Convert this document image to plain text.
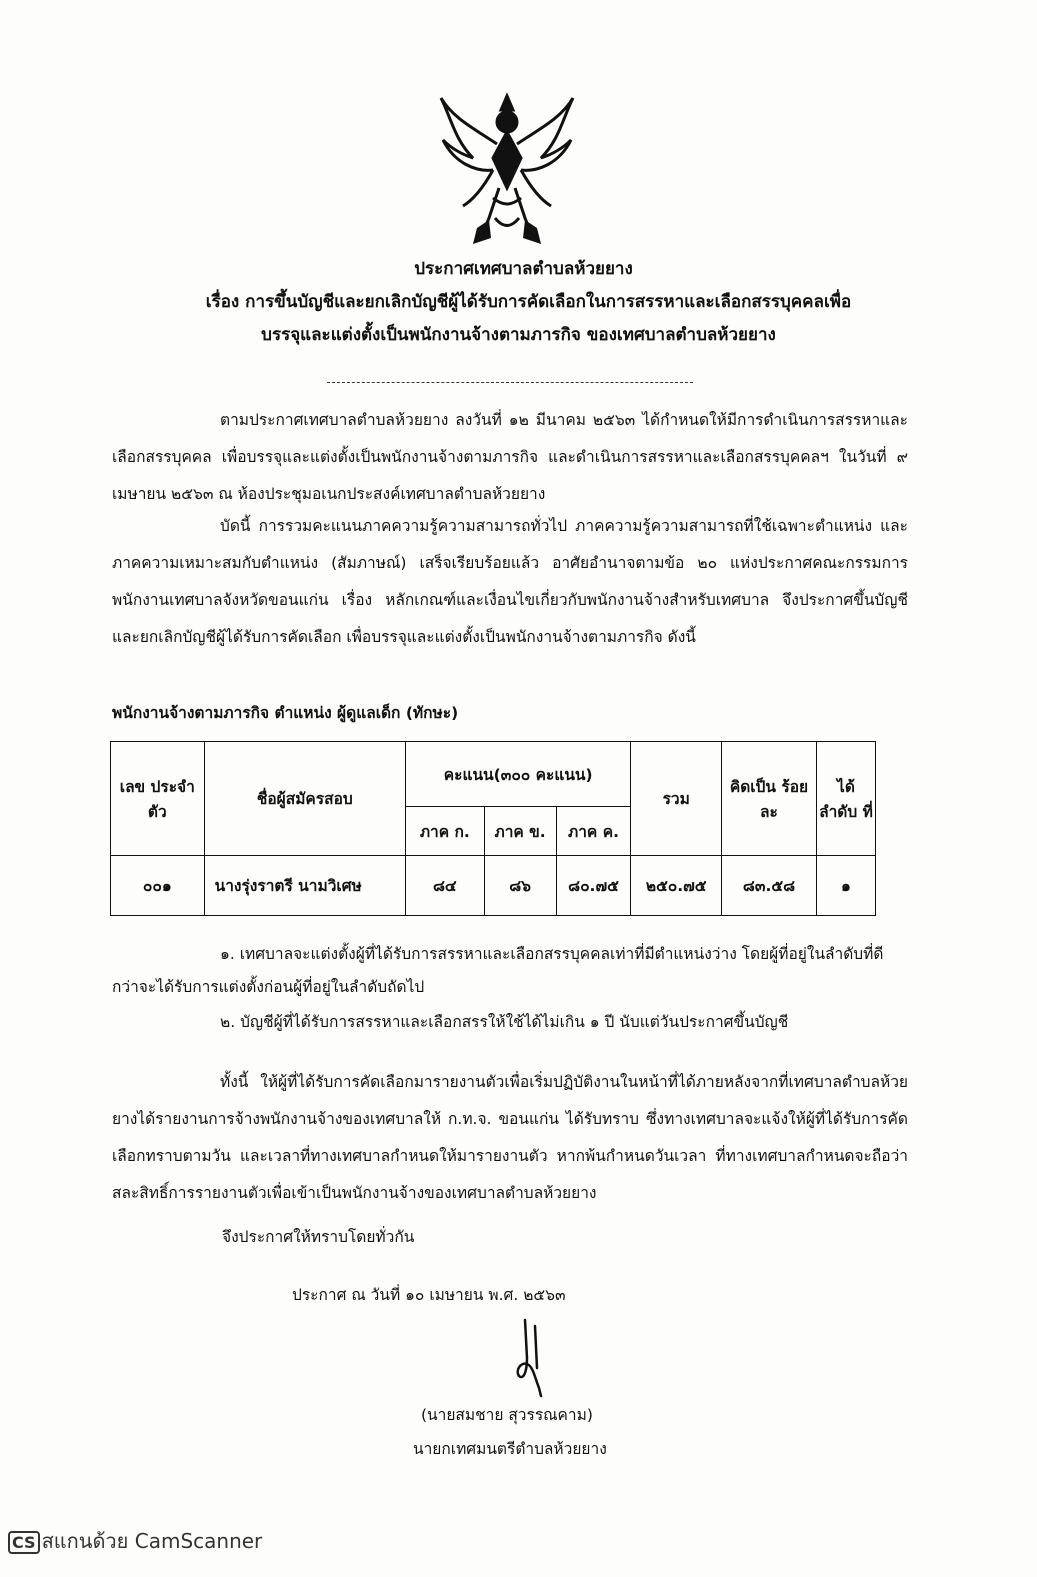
ประกาศเทศบาลตำบลห้วยยาง
เรื่อง การขึ้นบัญชีและยกเลิกบัญชีผู้ได้รับการคัดเลือกในการสรรหาและเลือกสรรบุคคลเพื่อ
บรรจุและแต่งตั้งเป็นพนักงานจ้างตามภารกิจ ของเทศบาลตำบลห้วยยาง
ตามประกาศเทศบาลตำบลห้วยยาง ลงวันที่ ๑๒ มีนาคม ๒๕๖๓ ได้กำหนดให้มีการดำเนินการสรรหาและเลือกสรรบุคคล เพื่อบรรจุและแต่งตั้งเป็นพนักงานจ้างตามภารกิจ และดำเนินการสรรหาและเลือกสรรบุคคลฯ ในวันที่ ๙ เมษายน ๒๕๖๓ ณ ห้องประชุมอเนกประสงค์เทศบาลตำบลห้วยยาง
บัดนี้ การรวมคะแนนภาคความรู้ความสามารถทั่วไป ภาคความรู้ความสามารถที่ใช้เฉพาะตำแหน่ง และภาคความเหมาะสมกับตำแหน่ง (สัมภาษณ์) เสร็จเรียบร้อยแล้ว อาศัยอำนาจตามข้อ ๒๐ แห่งประกาศคณะกรรมการพนักงานเทศบาลจังหวัดขอนแก่น เรื่อง หลักเกณฑ์และเงื่อนไขเกี่ยวกับพนักงานจ้างสำหรับเทศบาล จึงประกาศขึ้นบัญชีและยกเลิกบัญชีผู้ได้รับการคัดเลือก เพื่อบรรจุและแต่งตั้งเป็นพนักงานจ้างตามภารกิจ ดังนี้
พนักงานจ้างตามภารกิจ ตำแหน่ง ผู้ดูแลเด็ก (ทักษะ)
เลข ประจำตัว	ชื่อผู้สมัครสอบ	คะแนน(๓๐๐ คะแนน)			รวม	คิดเป็น ร้อยละ	ได้ ลำดับ ที่
		ภาค ก.	ภาค ข.	ภาค ค.			
๐๐๑	นางรุ่งราตรี นามวิเศษ	๘๔	๘๖	๘๐.๗๕	๒๕๐.๗๕	๘๓.๕๘	๑
๑. เทศบาลจะแต่งตั้งผู้ที่ได้รับการสรรหาและเลือกสรรบุคคลเท่าที่มีตำแหน่งว่าง โดยผู้ที่อยู่ในลำดับที่ดีกว่าจะได้รับการแต่งตั้งก่อนผู้ที่อยู่ในลำดับถัดไป
๒. บัญชีผู้ที่ได้รับการสรรหาและเลือกสรรให้ใช้ได้ไม่เกิน ๑ ปี นับแต่วันประกาศขึ้นบัญชี
ทั้งนี้ ให้ผู้ที่ได้รับการคัดเลือกมารายงานตัวเพื่อเริ่มปฏิบัติงานในหน้าที่ได้ภายหลังจากที่เทศบาลตำบลห้วยยางได้รายงานการจ้างพนักงานจ้างของเทศบาลให้ ก.ท.จ. ขอนแก่น ได้รับทราบ ซึ่งทางเทศบาลจะแจ้งให้ผู้ที่ได้รับการคัดเลือกทราบตามวัน และเวลาที่ทางเทศบาลกำหนดให้มารายงานตัว หากพ้นกำหนดวันเวลา ที่ทางเทศบาลกำหนดจะถือว่าสละสิทธิ์การรายงานตัวเพื่อเข้าเป็นพนักงานจ้างของเทศบาลตำบลห้วยยาง
จึงประกาศให้ทราบโดยทั่วกัน
ประกาศ ณ วันที่ ๑๐ เมษายน พ.ศ. ๒๕๖๓
(นายสมชาย สุวรรณคาม)
นายกเทศมนตรีตำบลห้วยยาง
CS สแกนด้วย CamScanner
